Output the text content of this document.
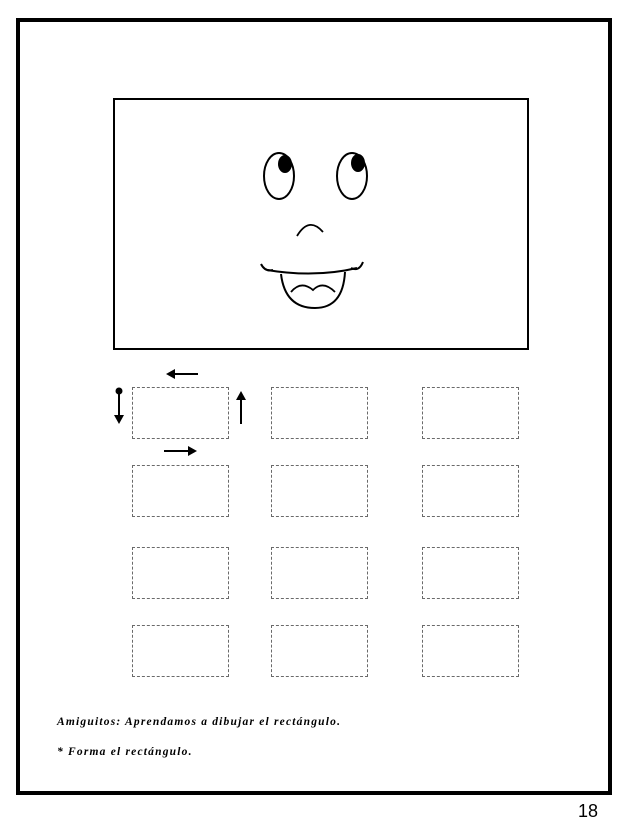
Amiguitos: Aprendamos a dibujar el rectángulo.
* Forma el rectángulo.
18
